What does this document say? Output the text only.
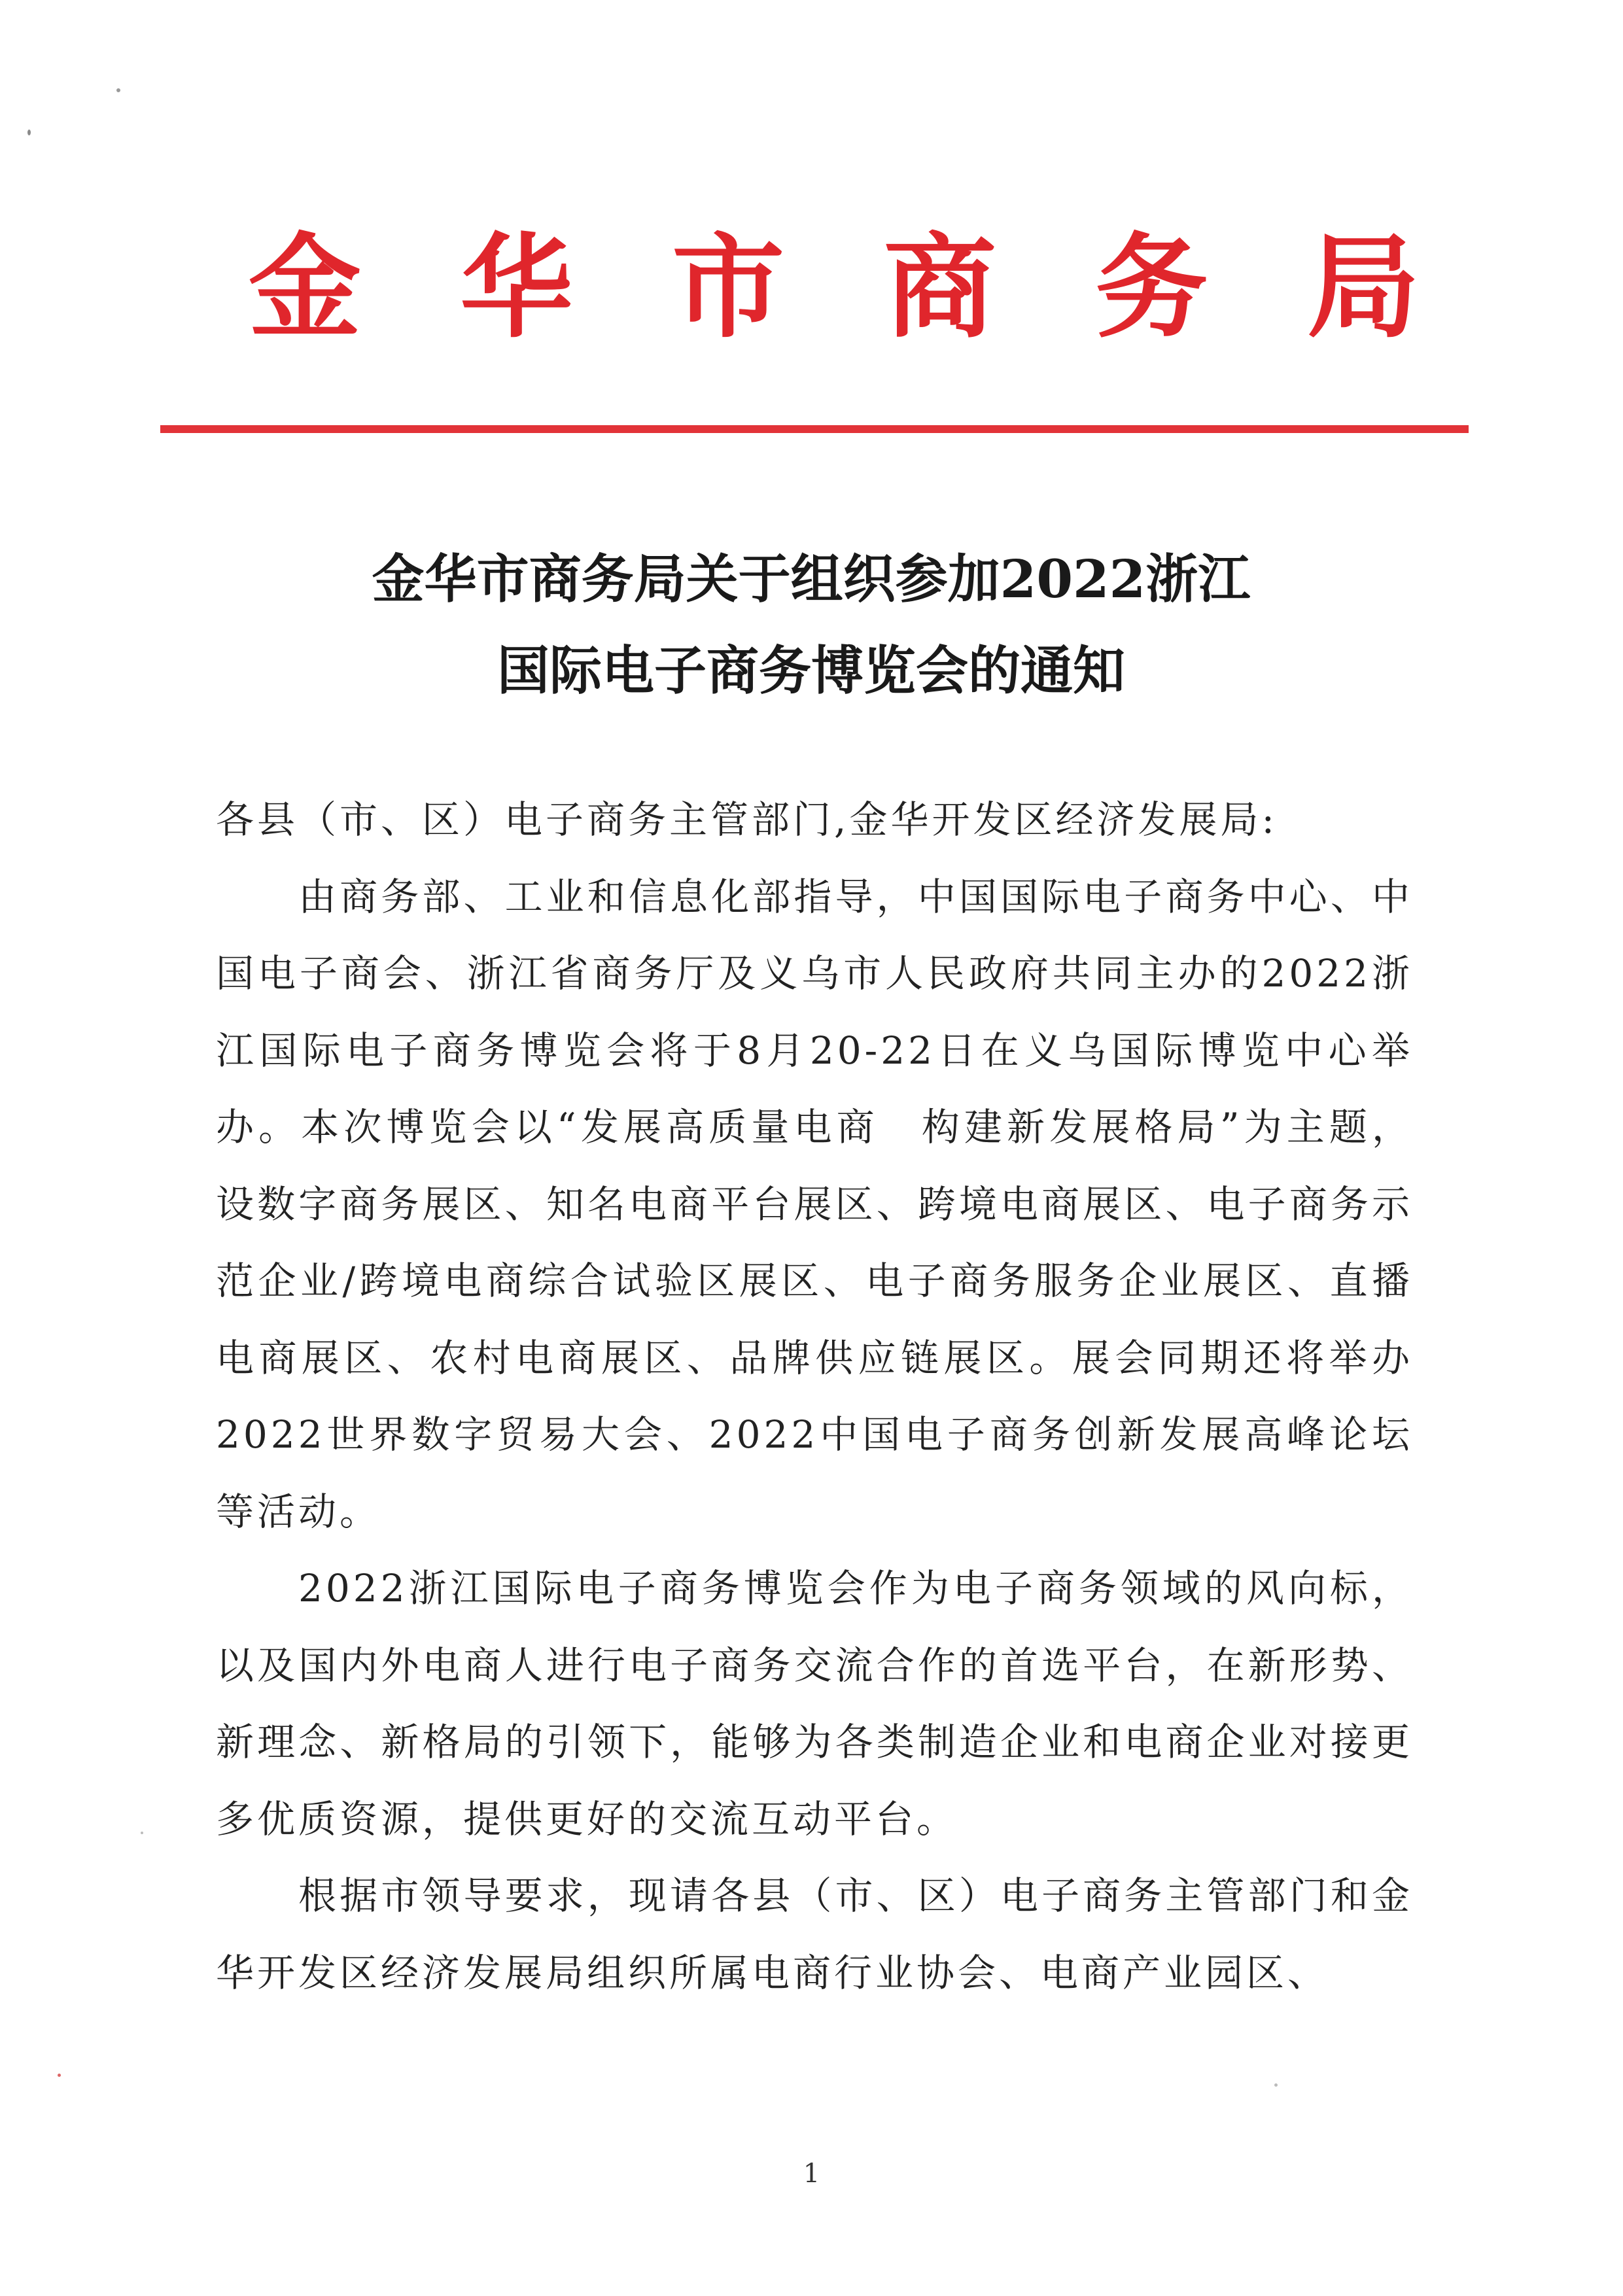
金 华 市 商 务 局
金华市商务局关于组织参加2022浙江
国际电子商务博览会的通知

各县（市、区）电子商务主管部门,金华开发区经济发展局:

由商务部、工业和信息化部指导，中国国际电子商务中心、中国电子商会、浙江省商务厅及义乌市人民政府共同主办的2022浙江国际电子商务博览会将于8月20-22日在义乌国际博览中心举办。本次博览会以“发展高质量电商　构建新发展格局”为主题，设数字商务展区、知名电商平台展区、跨境电商展区、电子商务示范企业/跨境电商综合试验区展区、电子商务服务企业展区、直播电商展区、农村电商展区、品牌供应链展区。展会同期还将举办2022世界数字贸易大会、2022中国电子商务创新发展高峰论坛等活动。

2022浙江国际电子商务博览会作为电子商务领域的风向标，以及国内外电商人进行电子商务交流合作的首选平台，在新形势、新理念、新格局的引领下，能够为各类制造企业和电商企业对接更多优质资源，提供更好的交流互动平台。

根据市领导要求，现请各县（市、区）电子商务主管部门和金华开发区经济发展局组织所属电商行业协会、电商产业园区、

1
